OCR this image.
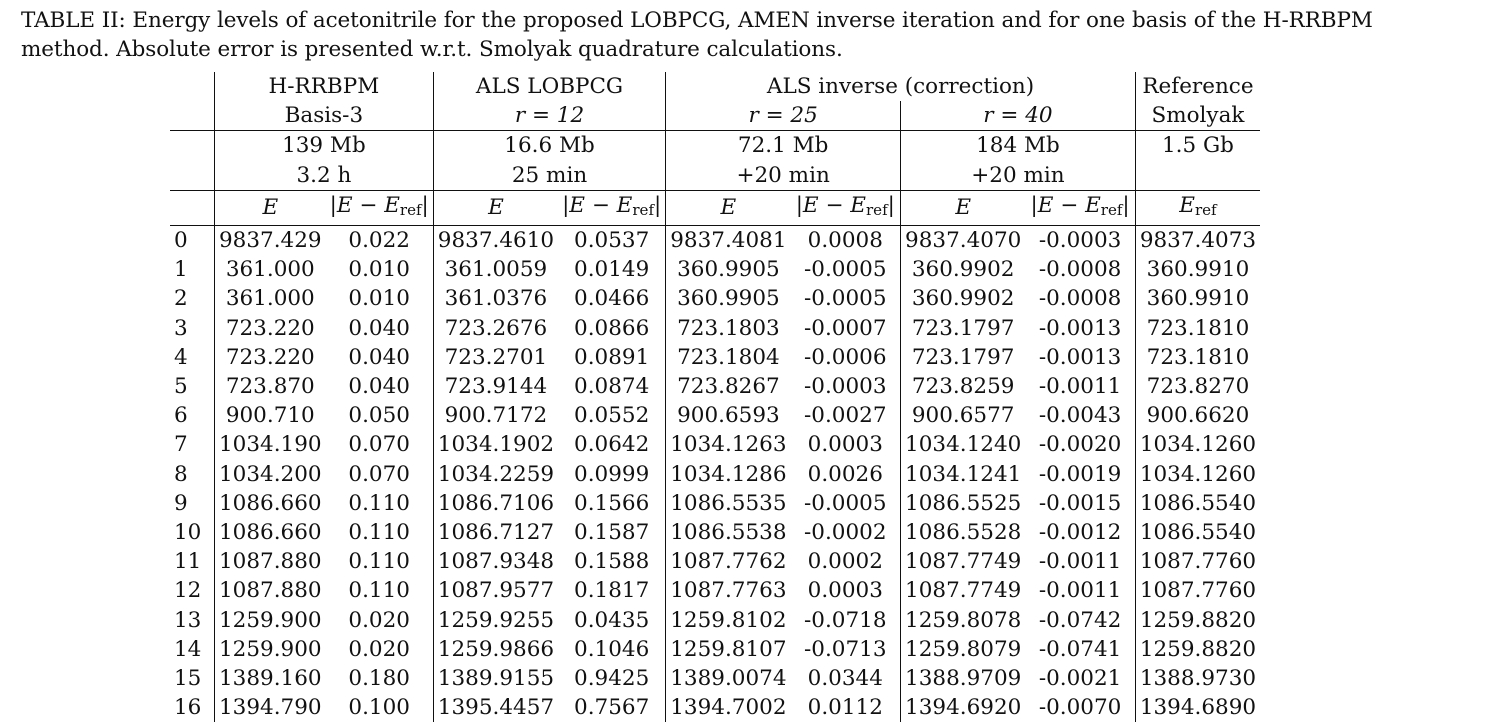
TABLE II: Energy levels of acetonitrile for the proposed LOBPCG, AMEN inverse iteration and for one basis of the H-RRBPM
method. Absolute error is presented w.r.t. Smolyak quadrature calculations.
	H-RRBPM		ALS LOBPCG		ALS inverse (correction)				Reference
	Basis-3		r = 12		r = 25		r = 40		Smolyak
	139 Mb		16.6 Mb		72.1 Mb		184 Mb		1.5 Gb
	3.2 h		25 min		+20 min		+20 min		
	E	$|E - E_{ref}|$	E	$|E - E_{ref}|$	E	$|E - E_{ref}|$	E	$|E - E_{ref}|$	$E_{ref}$
0	9837.429	0.022	9837.4610	0.0537	9837.4081	0.0008	9837.4070	-0.0003	9837.4073
1	361.000	0.010	361.0059	0.0149	360.9905	-0.0005	360.9902	-0.0008	360.9910
2	361.000	0.010	361.0376	0.0466	360.9905	-0.0005	360.9902	-0.0008	360.9910
3	723.220	0.040	723.2676	0.0866	723.1803	-0.0007	723.1797	-0.0013	723.1810
4	723.220	0.040	723.2701	0.0891	723.1804	-0.0006	723.1797	-0.0013	723.1810
5	723.870	0.040	723.9144	0.0874	723.8267	-0.0003	723.8259	-0.0011	723.8270
6	900.710	0.050	900.7172	0.0552	900.6593	-0.0027	900.6577	-0.0043	900.6620
7	1034.190	0.070	1034.1902	0.0642	1034.1263	0.0003	1034.1240	-0.0020	1034.1260
8	1034.200	0.070	1034.2259	0.0999	1034.1286	0.0026	1034.1241	-0.0019	1034.1260
9	1086.660	0.110	1086.7106	0.1566	1086.5535	-0.0005	1086.5525	-0.0015	1086.5540
10	1086.660	0.110	1086.7127	0.1587	1086.5538	-0.0002	1086.5528	-0.0012	1086.5540
11	1087.880	0.110	1087.9348	0.1588	1087.7762	0.0002	1087.7749	-0.0011	1087.7760
12	1087.880	0.110	1087.9577	0.1817	1087.7763	0.0003	1087.7749	-0.0011	1087.7760
13	1259.900	0.020	1259.9255	0.0435	1259.8102	-0.0718	1259.8078	-0.0742	1259.8820
14	1259.900	0.020	1259.9866	0.1046	1259.8107	-0.0713	1259.8079	-0.0741	1259.8820
15	1389.160	0.180	1389.9155	0.9425	1389.0074	0.0344	1388.9709	-0.0021	1388.9730
16	1394.790	0.100	1395.4457	0.7567	1394.7002	0.0112	1394.6920	-0.0070	1394.6890
